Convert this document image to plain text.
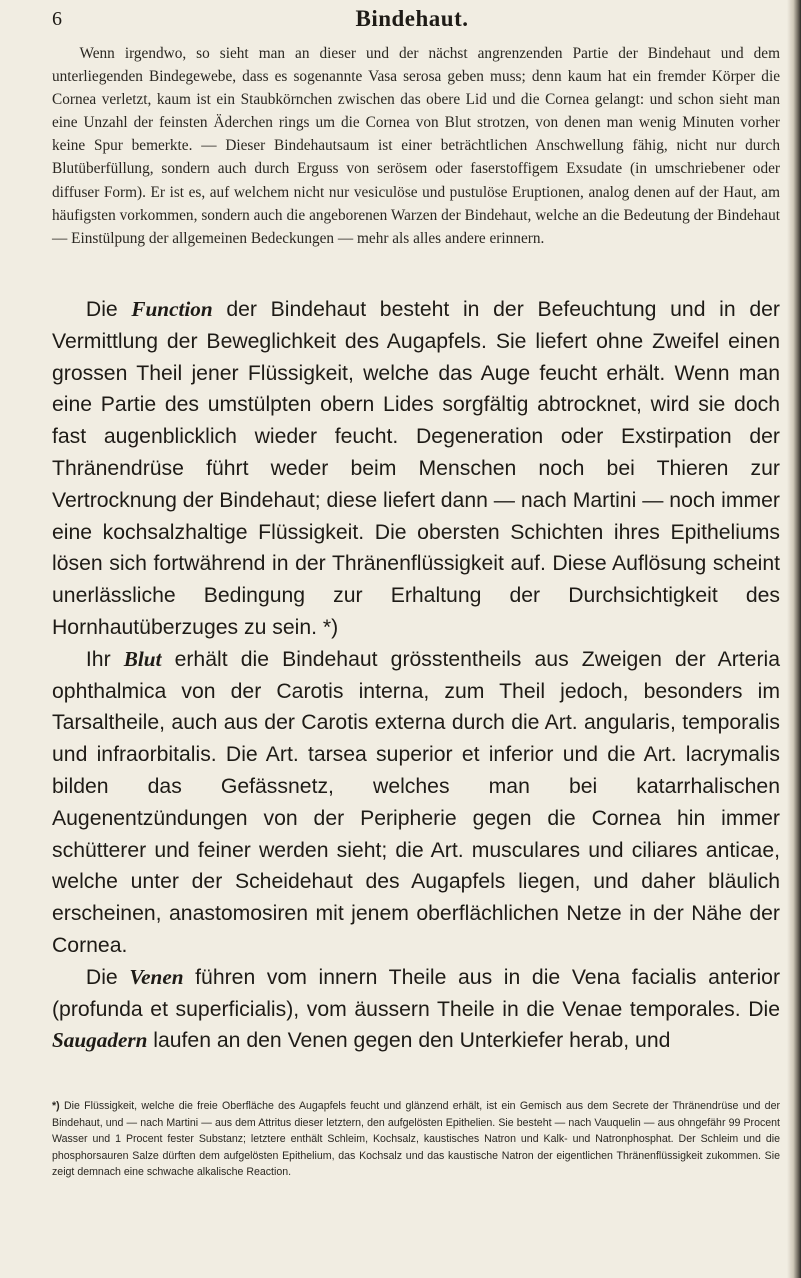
6	Bindehaut.
Wenn irgendwo, so sieht man an dieser und der nächst angrenzenden Partie der Bindehaut und dem unterliegenden Bindegewebe, dass es sogenannte Vasa serosa geben muss; denn kaum hat ein fremder Körper die Cornea verletzt, kaum ist ein Staubkörnchen zwischen das obere Lid und die Cornea gelangt: und schon sieht man eine Unzahl der feinsten Äderchen rings um die Cornea von Blut strotzen, von denen man wenig Minuten vorher keine Spur bemerkte. — Dieser Bindehautsaum ist einer beträchtlichen Anschwellung fähig, nicht nur durch Blutüberfüllung, sondern auch durch Erguss von serösem oder faserstoffigem Exsudate (in umschriebener oder diffuser Form). Er ist es, auf welchem nicht nur vesiculöse und pustulöse Eruptionen, analog denen auf der Haut, am häufigsten vorkommen, sondern auch die angeborenen Warzen der Bindehaut, welche an die Bedeutung der Bindehaut — Einstülpung der allgemeinen Bedeckungen — mehr als alles andere erinnern.

Die Function der Bindehaut besteht in der Befeuchtung und in der Vermittlung der Beweglichkeit des Augapfels. Sie liefert ohne Zweifel einen grossen Theil jener Flüssigkeit, welche das Auge feucht erhält. Wenn man eine Partie des umstülpten obern Lides sorgfältig abtrocknet, wird sie doch fast augenblicklich wieder feucht. Degeneration oder Exstirpation der Thränendrüse führt weder beim Menschen noch bei Thieren zur Vertrocknung der Bindehaut; diese liefert dann — nach Martini — noch immer eine kochsalzhaltige Flüssigkeit. Die obersten Schichten ihres Epitheliums lösen sich fortwährend in der Thränenflüssigkeit auf. Diese Auflösung scheint unerlässliche Bedingung zur Erhaltung der Durchsichtigkeit des Hornhautüberzuges zu sein. *)

Ihr Blut erhält die Bindehaut grösstentheils aus Zweigen der Arteria ophthalmica von der Carotis interna, zum Theil jedoch, besonders im Tarsaltheile, auch aus der Carotis externa durch die Art. angularis, temporalis und infraorbitalis. Die Art. tarsea superior et inferior und die Art. lacrymalis bilden das Gefässnetz, welches man bei katarrhalischen Augenentzündungen von der Peripherie gegen die Cornea hin immer schütterer und feiner werden sieht; die Art. musculares und ciliares anticae, welche unter der Scheidehaut des Augapfels liegen, und daher bläulich erscheinen, anastomosiren mit jenem oberflächlichen Netze in der Nähe der Cornea.

Die Venen führen vom innern Theile aus in die Vena facialis anterior (profunda et superficialis), vom äussern Theile in die Venae temporales. Die Saugadern laufen an den Venen gegen den Unterkiefer herab, und

*) Die Flüssigkeit, welche die freie Oberfläche des Augapfels feucht und glänzend erhält, ist ein Gemisch aus dem Secrete der Thränendrüse und der Bindehaut, und — nach Martini — aus dem Attritus dieser letztern, den aufgelösten Epithelien. Sie besteht — nach Vauquelin — aus ohngefähr 99 Procent Wasser und 1 Procent fester Substanz; letztere enthält Schleim, Kochsalz, kaustisches Natron und Kalk- und Natronphosphat. Der Schleim und die phosphorsauren Salze dürften dem aufgelösten Epithelium, das Kochsalz und das kaustische Natron der eigentlichen Thränenflüssigkeit zukommen. Sie zeigt demnach eine schwache alkalische Reaction.
